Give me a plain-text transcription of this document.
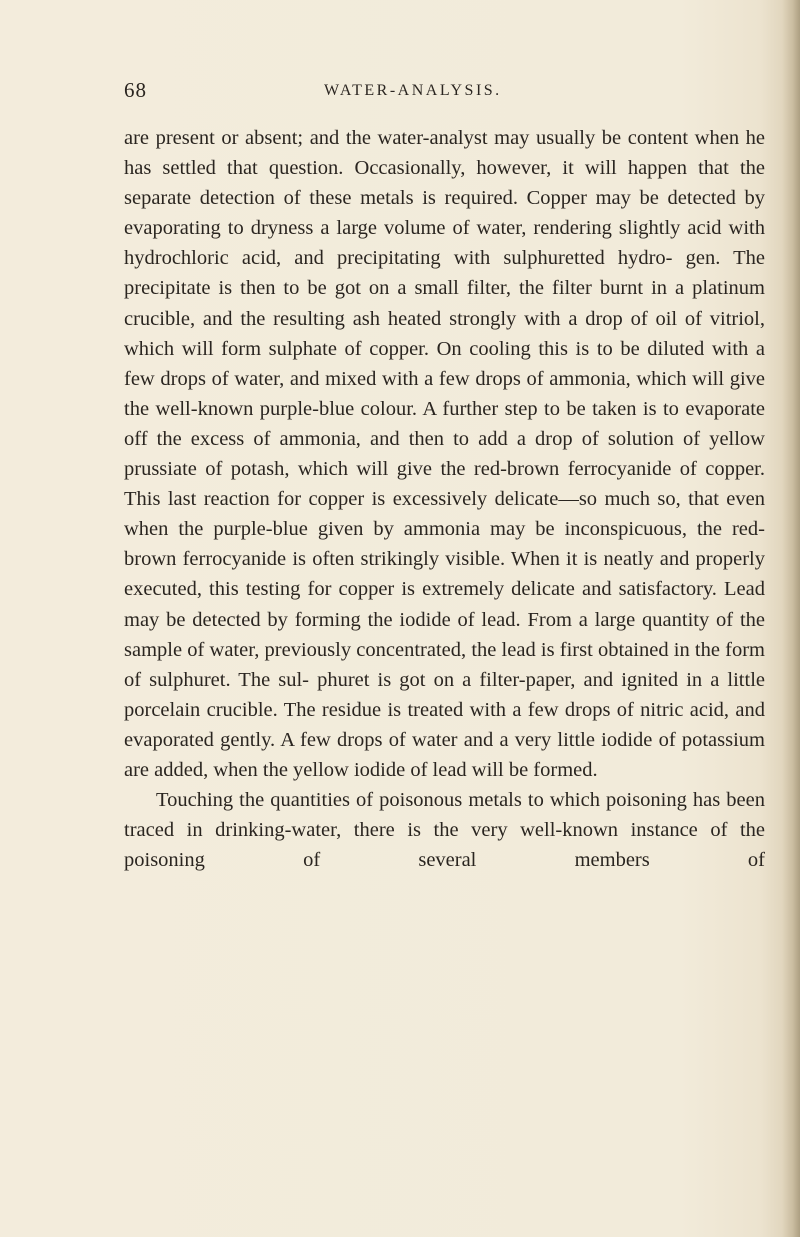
68	WATER-ANALYSIS.

are present or absent; and the water-analyst may usually be content when he has settled that question. Occasionally, however, it will happen that the separate detection of these metals is required. Copper may be detected by evaporating to dryness a large volume of water, rendering slightly acid with hydrochloric acid, and precipitating with sulphuretted hydro- gen. The precipitate is then to be got on a small filter, the filter burnt in a platinum crucible, and the resulting ash heated strongly with a drop of oil of vitriol, which will form sulphate of copper. On cooling this is to be diluted with a few drops of water, and mixed with a few drops of ammonia, which will give the well-known purple-blue colour. A further step to be taken is to evaporate off the excess of ammonia, and then to add a drop of solution of yellow prussiate of potash, which will give the red-brown ferrocyanide of copper. This last reaction for copper is excessively delicate—so much so, that even when the purple-blue given by ammonia may be inconspicuous, the red-brown ferrocyanide is often strikingly visible. When it is neatly and properly executed, this testing for copper is extremely delicate and satisfactory. Lead may be detected by forming the iodide of lead. From a large quantity of the sample of water, previously concentrated, the lead is first obtained in the form of sulphuret. The sul- phuret is got on a filter-paper, and ignited in a little porcelain crucible. The residue is treated with a few drops of nitric acid, and evaporated gently. A few drops of water and a very little iodide of potassium are added, when the yellow iodide of lead will be formed.

Touching the quantities of poisonous metals to which poisoning has been traced in drinking-water, there is the very well-known instance of the poisoning of several members of
